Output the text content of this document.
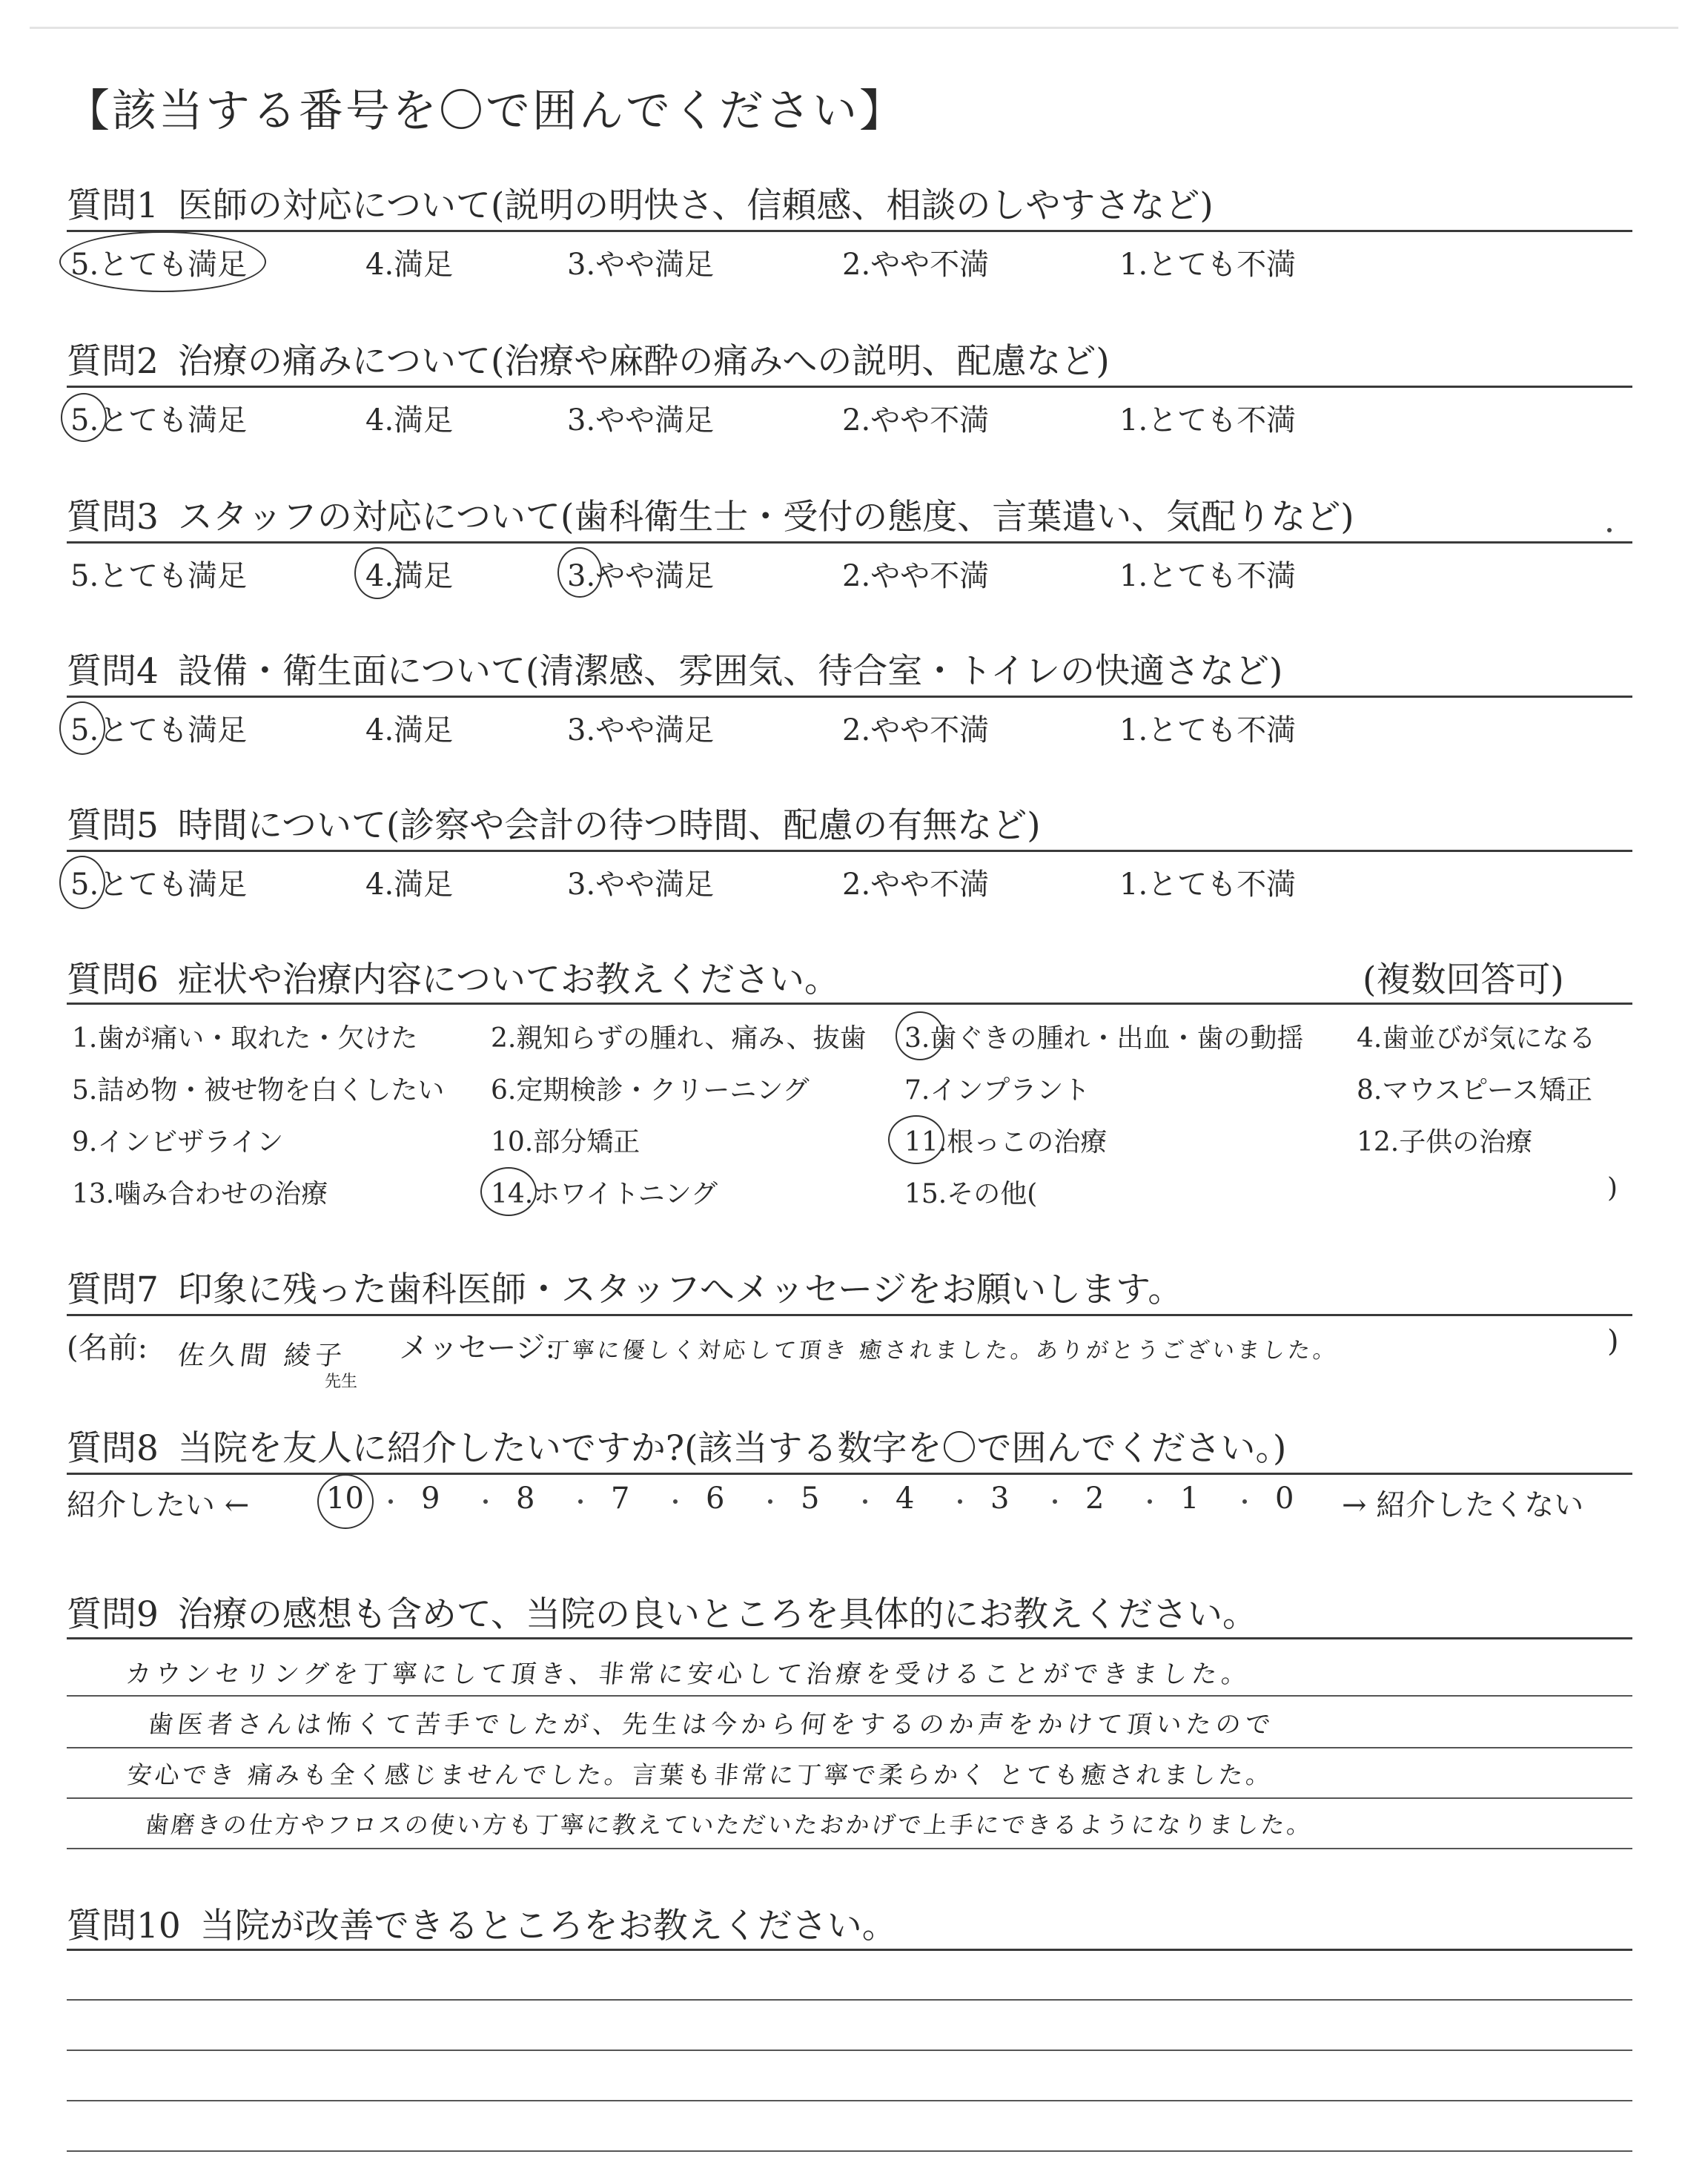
【該当する番号を〇で囲んでください】
質問1 医師の対応について(説明の明快さ、信頼感、相談のしやすさなど)
5.とても満足	4.満足	3.やや満足	2.やや不満	1.とても不満
質問2 治療の痛みについて(治療や麻酔の痛みへの説明、配慮など)
5.とても満足	4.満足	3.やや満足	2.やや不満	1.とても不満
質問3 スタッフの対応について(歯科衛生士・受付の態度、言葉遣い、気配りなど)
5.とても満足	4.満足	3.やや満足	2.やや不満	1.とても不満
質問4 設備・衛生面について(清潔感、雰囲気、待合室・トイレの快適さなど)
5.とても満足	4.満足	3.やや満足	2.やや不満	1.とても不満
質問5 時間について(診察や会計の待つ時間、配慮の有無など)
5.とても満足	4.満足	3.やや満足	2.やや不満	1.とても不満
質問6 症状や治療内容についてお教えください。	(複数回答可)
1.歯が痛い・取れた・欠けた	2.親知らずの腫れ、痛み、抜歯 3.歯ぐきの腫れ・出血・歯の動揺 4.歯並びが気になる
5.詰め物・被せ物を白くしたい 6.定期検診・クリーニング	7.インプラント	8.マウスピース矯正
9.インビザライン	10.部分矯正	11.根っこの治療	12.子供の治療
13.噛み合わせの治療	14.ホワイトニング	15.その他(	)
質問7 印象に残った歯科医師・スタッフへメッセージをお願いします。
(名前: 佐久間 綾子
先生
メッセージ:
丁寧に優しく対応して頂き 癒されました。ありがとうございました。	)
質問8 当院を友人に紹介したいですか?(該当する数字を〇で囲んでください。)
紹介したい ←	10 9	8	7	6	5	4	3	2	1	0 → 紹介したくない
質問9 治療の感想も含めて、当院の良いところを具体的にお教えください。
カウンセリングを丁寧にして頂き、非常に安心して治療を受けることができました。
歯医者さんは怖くて苦手でしたが、先生は今から何をするのか声をかけて頂いたので
安心でき 痛みも全く感じませんでした。言葉も非常に丁寧で柔らかく とても癒されました。
歯磨きの仕方やフロスの使い方も丁寧に教えていただいたおかげで上手にできるようになりました。
質問10 当院が改善できるところをお教えください。
